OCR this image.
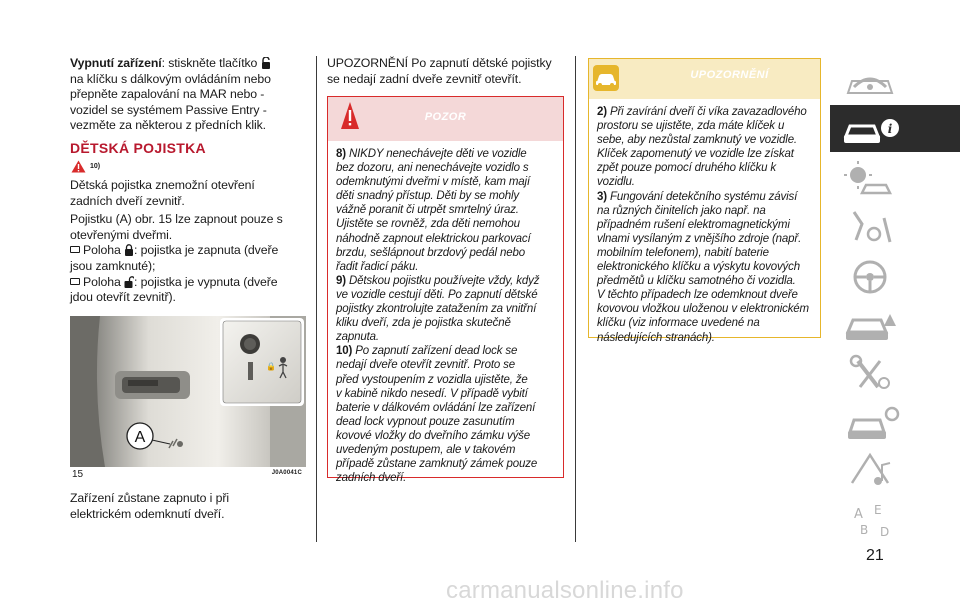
Vypnutí zařízení: stiskněte tlačítko
na klíčku s dálkovým ovládáním nebo
přepněte zapalování na MAR nebo -
vozidel se systémem Passive Entry -
vezměte za některou z předních klik.
DĚTSKÁ POJISTKA
10)
Dětská pojistka znemožní otevření
zadních dveří zevnitř.
Pojistku (A) obr. 15 lze zapnout pouze s
otevřenými dveřmi.
Poloha : pojistka je zapnuta (dveře
jsou zamknuté);
Poloha : pojistka je vypnuta (dveře
jdou otevřít zevnitř).
A
🔒
15	J0A0041C
Zařízení zůstane zapnuto i při
elektrickém odemknutí dveří.
UPOZORNĚNÍ Po zapnutí dětské pojistky
se nedají zadní dveře zevnitř otevřít.
POZOR
8) NIKDY nenechávejte děti ve vozidle
bez dozoru, ani nenechávejte vozidlo s
odemknutými dveřmi v místě, kam mají
děti snadný přístup. Děti by se mohly
vážně poranit či utrpět smrtelný úraz.
Ujistěte se rovněž, zda děti nemohou
náhodně zapnout elektrickou parkovací
brzdu, sešlápnout brzdový pedál nebo
řadit řadicí páku.
9) Dětskou pojistku používejte vždy, když
ve vozidle cestují děti. Po zapnutí dětské
pojistky zkontrolujte zatažením za vnitřní
kliku dveří, zda je pojistka skutečně
zapnuta.
10) Po zapnutí zařízení dead lock se
nedají dveře otevřít zevnitř. Proto se
před vystoupením z vozidla ujistěte, že
v kabině nikdo nesedí. V případě vybití
baterie v dálkovém ovládání lze zařízení
dead lock vypnout pouze zasunutím
kovové vložky do dveřního zámku výše
uvedeným postupem, ale v takovém
případě zůstane zamknutý zámek pouze
zadních dveří.
UPOZORNĚNÍ
2) Při zavírání dveří či víka zavazadlového
prostoru se ujistěte, zda máte klíček u
sebe, aby nezůstal zamknutý ve vozidle.
Klíček zapomenutý ve vozidle lze získat
zpět pouze pomocí druhého klíčku k
vozidlu.
3) Fungování detekčního systému závisí
na různých činitelích jako např. na
případném rušení elektromagnetickými
vlnami vysílaným z vnějšího zdroje (např.
mobilním telefonem), nabití baterie
elektronického klíčku a výskytu kovových
předmětů u klíčku samotného či vozidla.
V těchto případech lze odemknout dveře
kovovou vložkou uloženou v elektronickém
klíčku (viz informace uvedené na
následujících stranách).
i
A E
B D
21
carmanualsonline.info
